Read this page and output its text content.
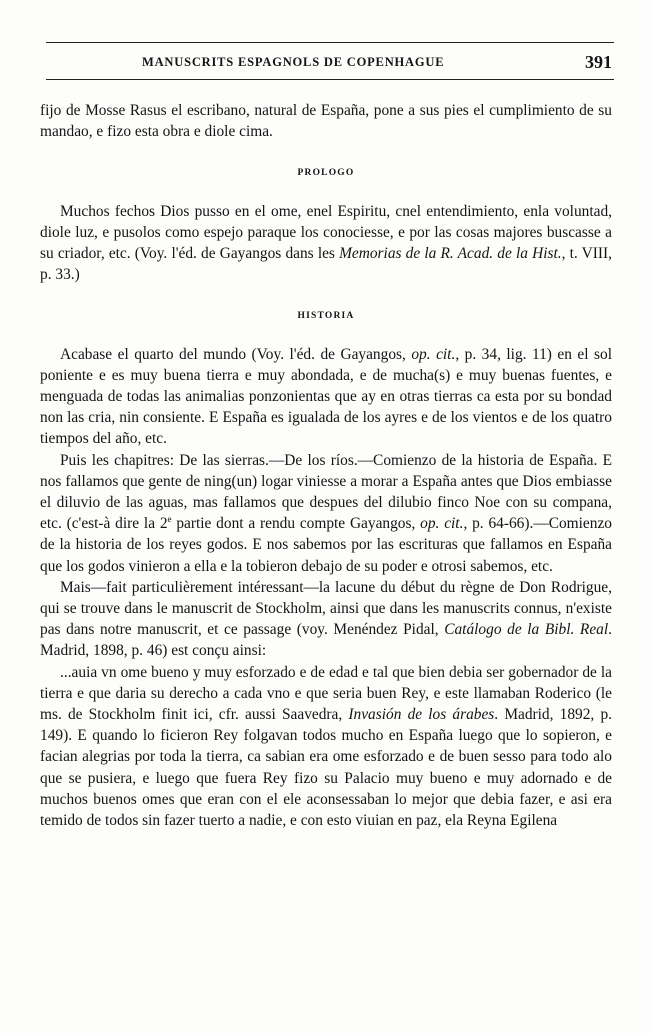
MANUSCRITS ESPAGNOLS DE COPENHAGUE	391

fijo de Mosse Rasus el escribano, natural de España, pone a sus pies el cumplimiento de su mandao, e fizo esta obra e diole cima.

PROLOGO

Muchos fechos Dios pusso en el ome, enel Espiritu, cnel entendimiento, enla voluntad, diole luz, e pusolos como espejo paraque los conociesse, e por las cosas majores buscasse a su criador, etc. (Voy. l'éd. de Gayangos dans les Memorias de la R. Acad. de la Hist., t. VIII, p. 33.)

HISTORIA

Acabase el quarto del mundo (Voy. l'éd. de Gayangos, op. cit., p. 34, lig. 11) en el sol poniente e es muy buena tierra e muy abondada, e de mucha(s) e muy buenas fuentes, e menguada de todas las animalias ponzonientas que ay en otras tierras ca esta por su bondad non las cria, nin consiente. E España es igualada de los ayres e de los vientos e de los quatro tiempos del año, etc.

Puis les chapitres: De las sierras.—De los ríos.—Comienzo de la historia de España. E nos fallamos que gente de ning(un) logar viniesse a morar a España antes que Dios embiasse el diluvio de las aguas, mas fallamos que despues del dilubio finco Noe con su compana, etc. (c'est-à dire la 2e partie dont a rendu compte Gayangos, op. cit., p. 64-66).—Comienzo de la historia de los reyes godos. E nos sabemos por las escrituras que fallamos en España que los godos vinieron a ella e la tobieron debajo de su poder e otrosi sabemos, etc.

Mais—fait particulièrement intéressant—la lacune du début du règne de Don Rodrigue, qui se trouve dans le manuscrit de Stockholm, ainsi que dans les manuscrits connus, n'existe pas dans notre manuscrit, et ce passage (voy. Menéndez Pidal, Catálogo de la Bibl. Real. Madrid, 1898, p. 46) est conçu ainsi:

...auia vn ome bueno y muy esforzado e de edad e tal que bien debia ser gobernador de la tierra e que daria su derecho a cada vno e que seria buen Rey, e este llamaban Roderico (le ms. de Stockholm finit ici, cfr. aussi Saavedra, Invasión de los árabes. Madrid, 1892, p. 149). E quando lo ficieron Rey folgavan todos mucho en España luego que lo sopieron, e facian alegrias por toda la tierra, ca sabian era ome esforzado e de buen sesso para todo alo que se pusiera, e luego que fuera Rey fizo su Palacio muy bueno e muy adornado e de muchos buenos omes que eran con el ele aconsessaban lo mejor que debia fazer, e asi era temido de todos sin fazer tuerto a nadie, e con esto viuian en paz, ela Reyna Egilena
